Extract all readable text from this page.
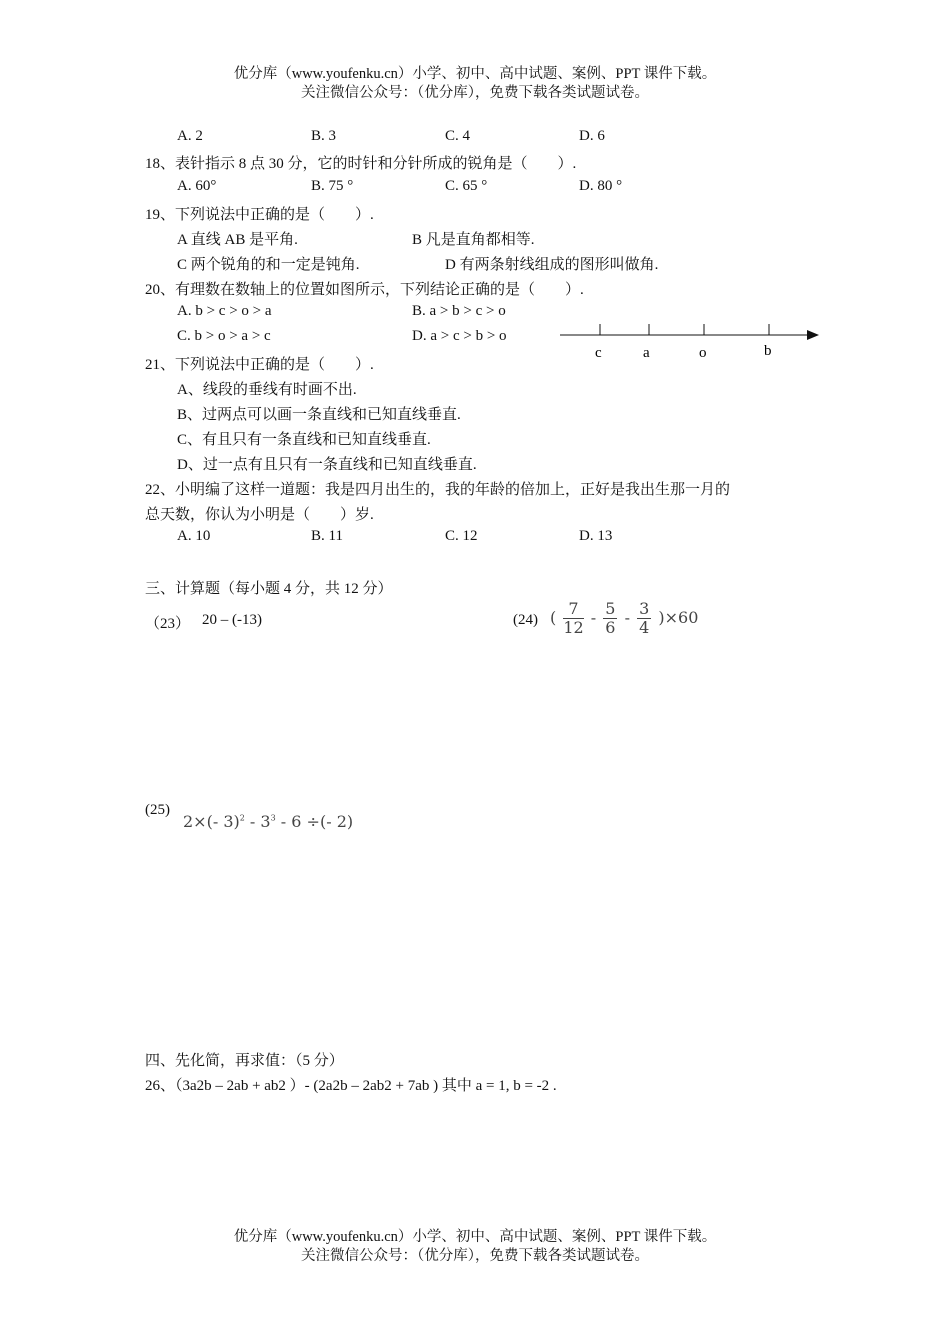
优分库（www.youfenku.cn）小学、初中、高中试题、案例、PPT 课件下载。
关注微信公众号：（优分库），免费下载各类试题试卷。
A. 2	B. 3	C. 4	D. 6
18、表针指示 8 点 30 分，它的时针和分针所成的锐角是（　　）.
A. 60°	B. 75 °	C. 65 °	D. 80 °
19、下列说法中正确的是（　　）.
A 直线 AB 是平角.	B 凡是直角都相等.
C 两个锐角的和一定是钝角.	D 有两条射线组成的图形叫做角.
20、有理数在数轴上的位置如图所示，下列结论正确的是（　　）.
A. b > c > o > a	B. a > b > c > o
C. b > o > a > c	D. a > c > b > o
c	a	o	b
21、下列说法中正确的是（　　）.
A、线段的垂线有时画不出.
B、过两点可以画一条直线和已知直线垂直.
C、有且只有一条直线和已知直线垂直.
D、过一点有且只有一条直线和已知直线垂直.
22、小明编了这样一道题：我是四月出生的，我的年龄的倍加上，正好是我出生那一月的
总天数，你认为小明是（　　）岁.
A. 10	B. 11	C. 12	D. 13
三、计算题（每小题 4 分，共 12 分）
（23） 20 – (-13)	(24) ( $\frac{7}{12} - \frac{5}{6} - \frac{3}{4} )\times 60$
(25)
2×(- $3)^2 - 3^3 - 6$ ÷(- 2)
四、先化简，再求值：（5 分）
26、（3a2b – 2ab + ab2 ）- (2a2b – 2ab2 + 7ab ) 其中 a = 1, b = -2 .
优分库（www.youfenku.cn）小学、初中、高中试题、案例、PPT 课件下载。
关注微信公众号：（优分库），免费下载各类试题试卷。
